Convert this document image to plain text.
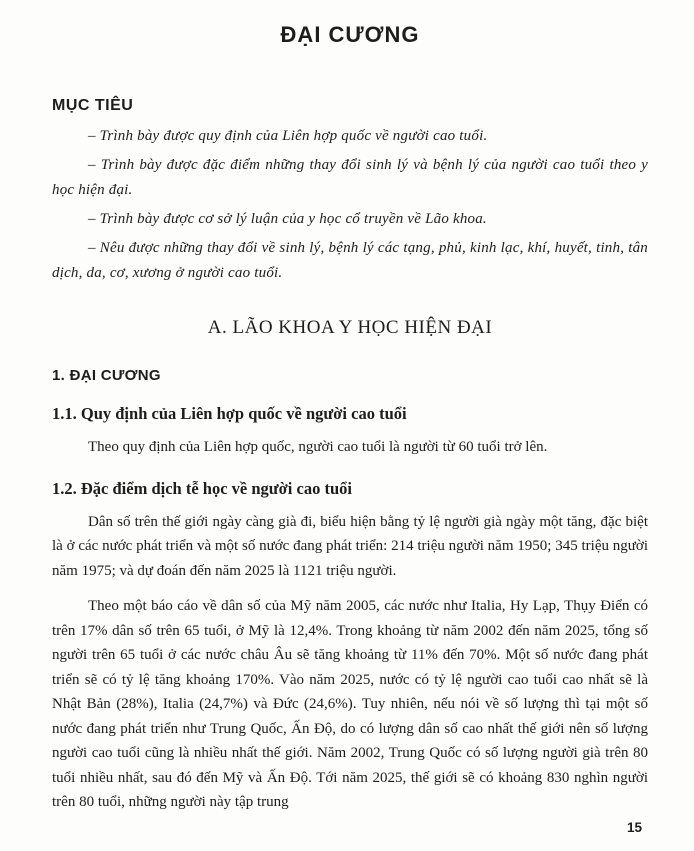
ĐẠI CƯƠNG
MỤC TIÊU

– Trình bày được quy định của Liên hợp quốc về người cao tuổi.

– Trình bày được đặc điểm những thay đổi sinh lý và bệnh lý của người cao tuổi theo y học hiện đại.

– Trình bày được cơ sở lý luận của y học cổ truyền về Lão khoa.

– Nêu được những thay đổi về sinh lý, bệnh lý các tạng, phủ, kinh lạc, khí, huyết, tinh, tân dịch, da, cơ, xương ở người cao tuổi.

A. LÃO KHOA Y HỌC HIỆN ĐẠI
1. ĐẠI CƯƠNG
1.1. Quy định của Liên hợp quốc về người cao tuổi

Theo quy định của Liên hợp quốc, người cao tuổi là người từ 60 tuổi trở lên.

1.2. Đặc điểm dịch tễ học về người cao tuổi

Dân số trên thế giới ngày càng già đi, biểu hiện bằng tỷ lệ người già ngày một tăng, đặc biệt là ở các nước phát triển và một số nước đang phát triển: 214 triệu người năm 1950; 345 triệu người năm 1975; và dự đoán đến năm 2025 là 1121 triệu người.

Theo một báo cáo về dân số của Mỹ năm 2005, các nước như Italia, Hy Lạp, Thụy Điển có trên 17% dân số trên 65 tuổi, ở Mỹ là 12,4%. Trong khoảng từ năm 2002 đến năm 2025, tổng số người trên 65 tuổi ở các nước châu Âu sẽ tăng khoảng từ 11% đến 70%. Một số nước đang phát triển sẽ có tỷ lệ tăng khoảng 170%. Vào năm 2025, nước có tỷ lệ người cao tuổi cao nhất sẽ là Nhật Bản (28%), Italia (24,7%) và Đức (24,6%). Tuy nhiên, nếu nói về số lượng thì tại một số nước đang phát triển như Trung Quốc, Ấn Độ, do có lượng dân số cao nhất thế giới nên số lượng người cao tuổi cũng là nhiều nhất thế giới. Năm 2002, Trung Quốc có số lượng người già trên 80 tuổi nhiều nhất, sau đó đến Mỹ và Ấn Độ. Tới năm 2025, thế giới sẽ có khoảng 830 nghìn người trên 80 tuổi, những người này tập trung

15
